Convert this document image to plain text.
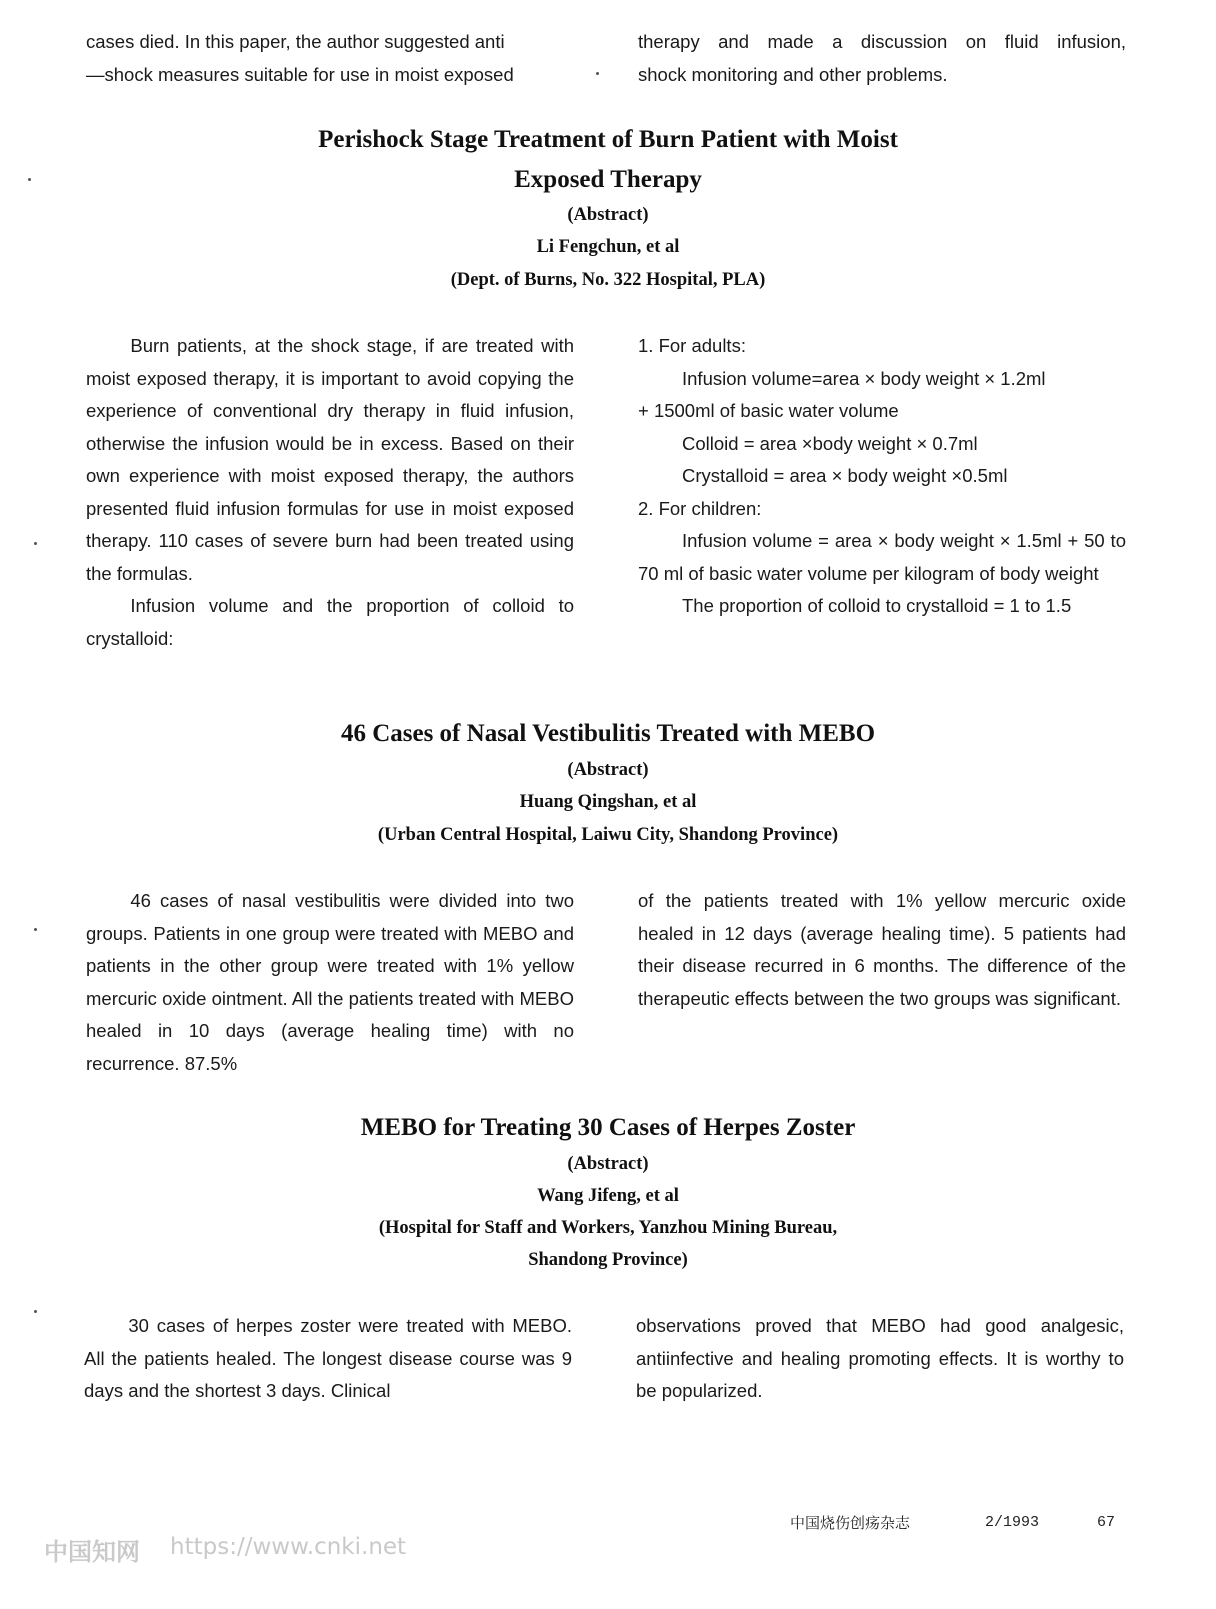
cases died. In this paper, the author suggested anti

—shock measures suitable for use in moist exposed

therapy and made a discussion on fluid infusion,

shock monitoring and other problems.

Perishock Stage Treatment of Burn Patient with Moist
Exposed Therapy
(Abstract)
Li Fengchun, et al
(Dept. of Burns, No. 322 Hospital, PLA)

Burn patients, at the shock stage, if are treated with moist exposed therapy, it is important to avoid copying the experience of conventional dry therapy in fluid infusion, otherwise the infusion would be in excess. Based on their own experience with moist exposed therapy, the authors presented fluid infusion formulas for use in moist exposed therapy. 110 cases of severe burn had been treated using the formulas.

Infusion volume and the proportion of colloid to crystalloid:

1. For adults:

Infusion volume=area × body weight × 1.2ml

+ 1500ml of basic water volume

Colloid = area ×body weight × 0.7ml

Crystalloid = area × body weight ×0.5ml

2. For children:

Infusion volume = area × body weight × 1.5ml + 50 to 70 ml of basic water volume per kilogram of body weight

The proportion of colloid to crystalloid = 1 to 1.5

46 Cases of Nasal Vestibulitis Treated with MEBO
(Abstract)
Huang Qingshan, et al
(Urban Central Hospital, Laiwu City, Shandong Province)

46 cases of nasal vestibulitis were divided into two groups. Patients in one group were treated with MEBO and patients in the other group were treated with 1% yellow mercuric oxide ointment. All the patients treated with MEBO healed in 10 days (average healing time) with no recurrence. 87.5%

of the patients treated with 1% yellow mercuric oxide healed in 12 days (average healing time). 5 patients had their disease recurred in 6 months. The difference of the therapeutic effects between the two groups was significant.

MEBO for Treating 30 Cases of Herpes Zoster
(Abstract)
Wang Jifeng, et al
(Hospital for Staff and Workers, Yanzhou Mining Bureau,
Shandong Province)

30 cases of herpes zoster were treated with MEBO. All the patients healed. The longest disease course was 9 days and the shortest 3 days. Clinical

observations proved that MEBO had good analgesic, antiinfective and healing promoting effects. It is worthy to be popularized.

中国烧伤创疡杂志	2/1993	67
中国知网 https://www.cnki.net
